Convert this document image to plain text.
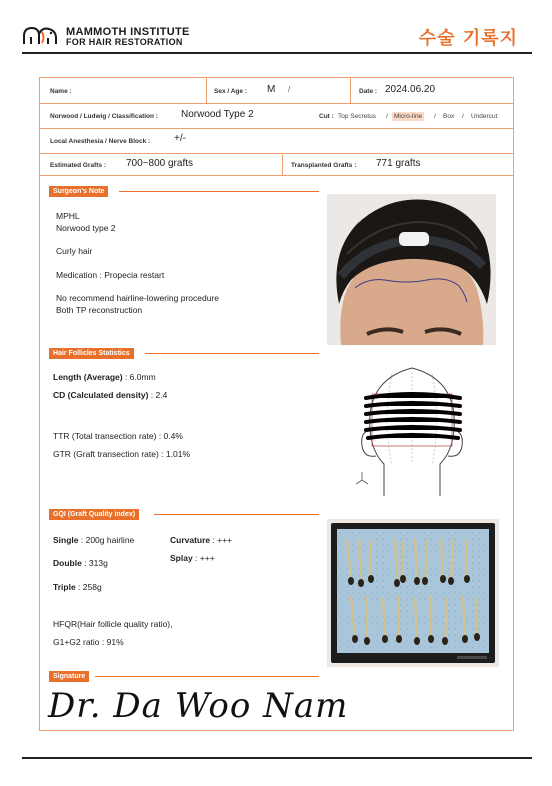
MAMMOTH INSTITUTE
FOR HAIR RESTORATION	수술 기록지
Name :	Sex / Age : M /	Date : 2024.06.20
Norwood / Ludwig / Classification : Norwood Type 2	Cut : Top Secretus / Micro-line	/ Box / Undercut
Local Anesthesia / Nerve Block : +/-
Estimated Grafts : 700~800 grafts	Transplanted Grafts : 771 grafts
Surgeon's Note
MPHL
Norwood type 2
Curly hair
Medication : Propecia restart
No recommend hairline-lowering procedure
Both TP reconstruction
Hair Follicles Statistics
Length (Average) : 6.0mm
CD (Calculated density) : 2.4
TTR (Total transection rate) : 0.4%
GTR (Graft transection rate) : 1.01%
GQI (Graft Quality index)
Single : 200g hairline	Curvature : +++
Splay : +++
Double : 313g
Triple : 258g
HFQR(Hair follicle quality ratio),
G1+G2 ratio : 91%
Signature
Dr. Da Woo Nam
